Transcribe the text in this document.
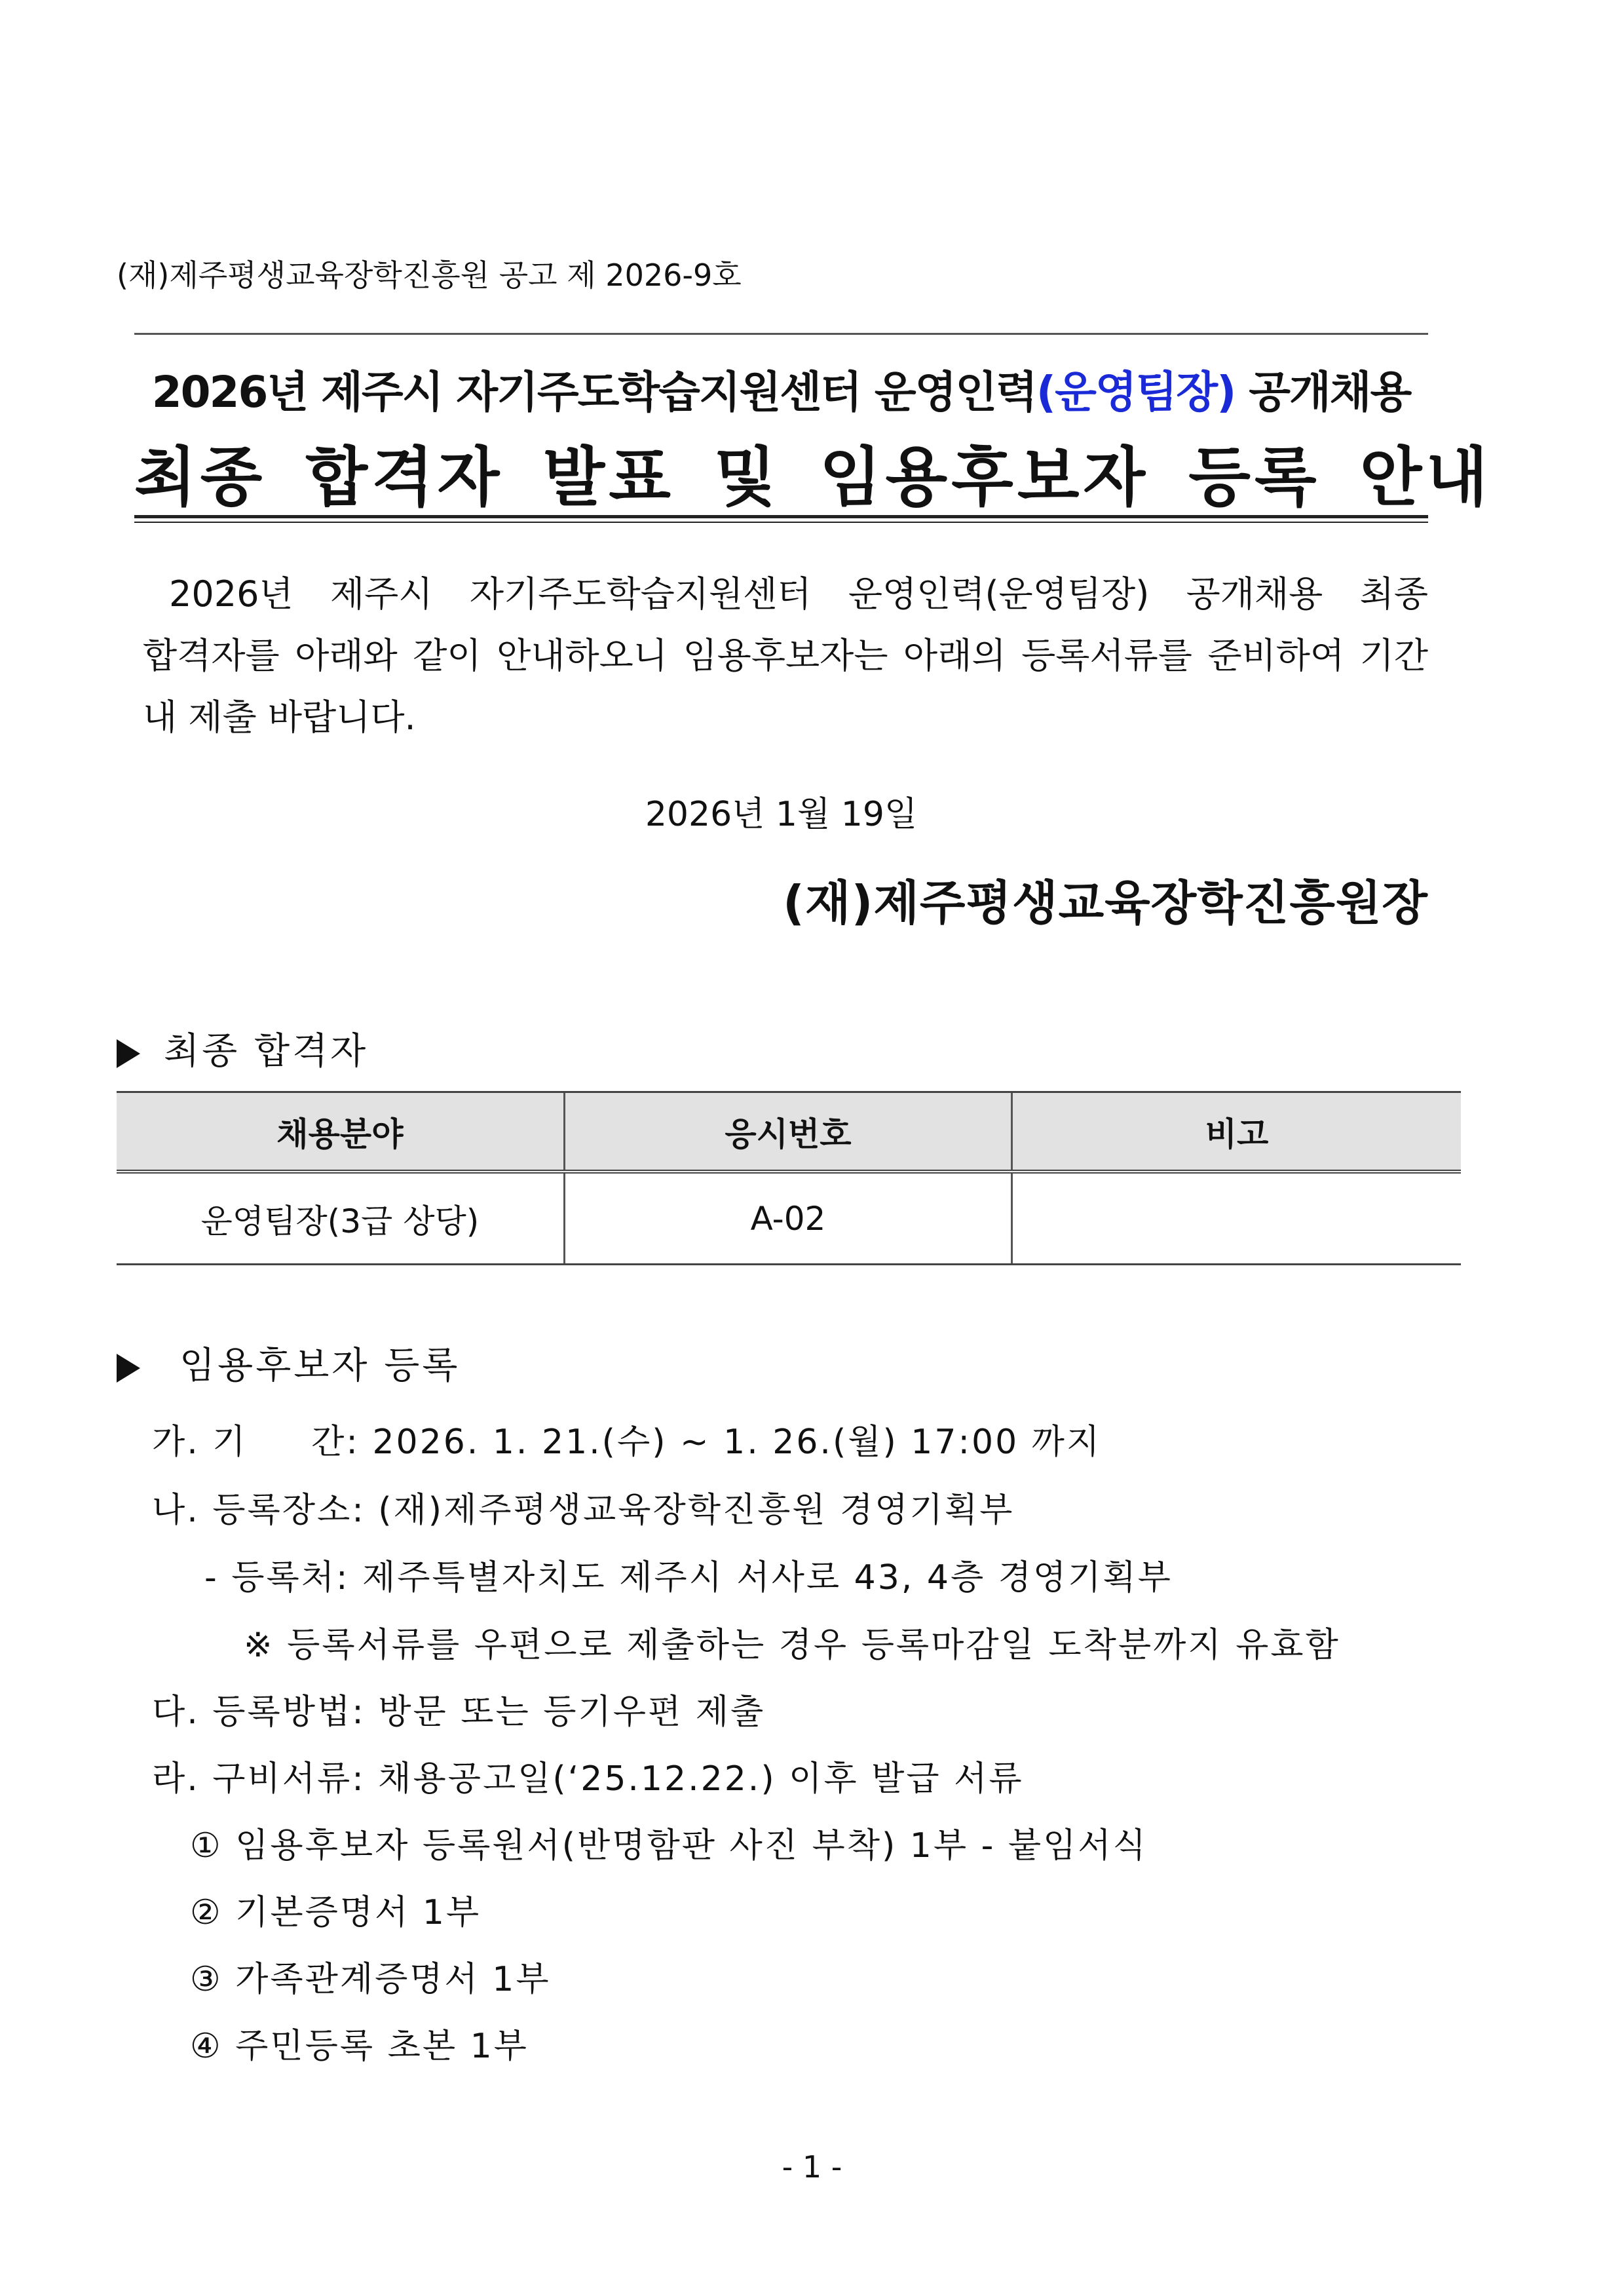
(재)제주평생교육장학진흥원 공고 제 2026-9호
2026년 제주시 자기주도학습지원센터 운영인력(운영팀장) 공개채용
최종 합격자 발표 및 임용후보자 등록 안내
2026년 제주시 자기주도학습지원센터 운영인력(운영팀장) 공개채용 최종
합격자를 아래와 같이 안내하오니 임용후보자는 아래의 등록서류를 준비하여 기간
내 제출 바랍니다.
2026년 1월 19일
(재)제주평생교육장학진흥원장
최종 합격자
채용분야	응시번호	비고
운영팀장(3급 상당)	A-02	
임용후보자 등록
가. 기     간: 2026. 1. 21.(수) ~ 1. 26.(월) 17:00 까지
나. 등록장소: (재)제주평생교육장학진흥원 경영기획부
- 등록처: 제주특별자치도 제주시 서사로 43, 4층 경영기획부
※ 등록서류를 우편으로 제출하는 경우 등록마감일 도착분까지 유효함
다. 등록방법: 방문 또는 등기우편 제출
라. 구비서류: 채용공고일(‘25.12.22.) 이후 발급 서류
① 임용후보자 등록원서(반명함판 사진 부착) 1부 - 붙임서식
② 기본증명서 1부
③ 가족관계증명서 1부
④ 주민등록 초본 1부
- 1 -
